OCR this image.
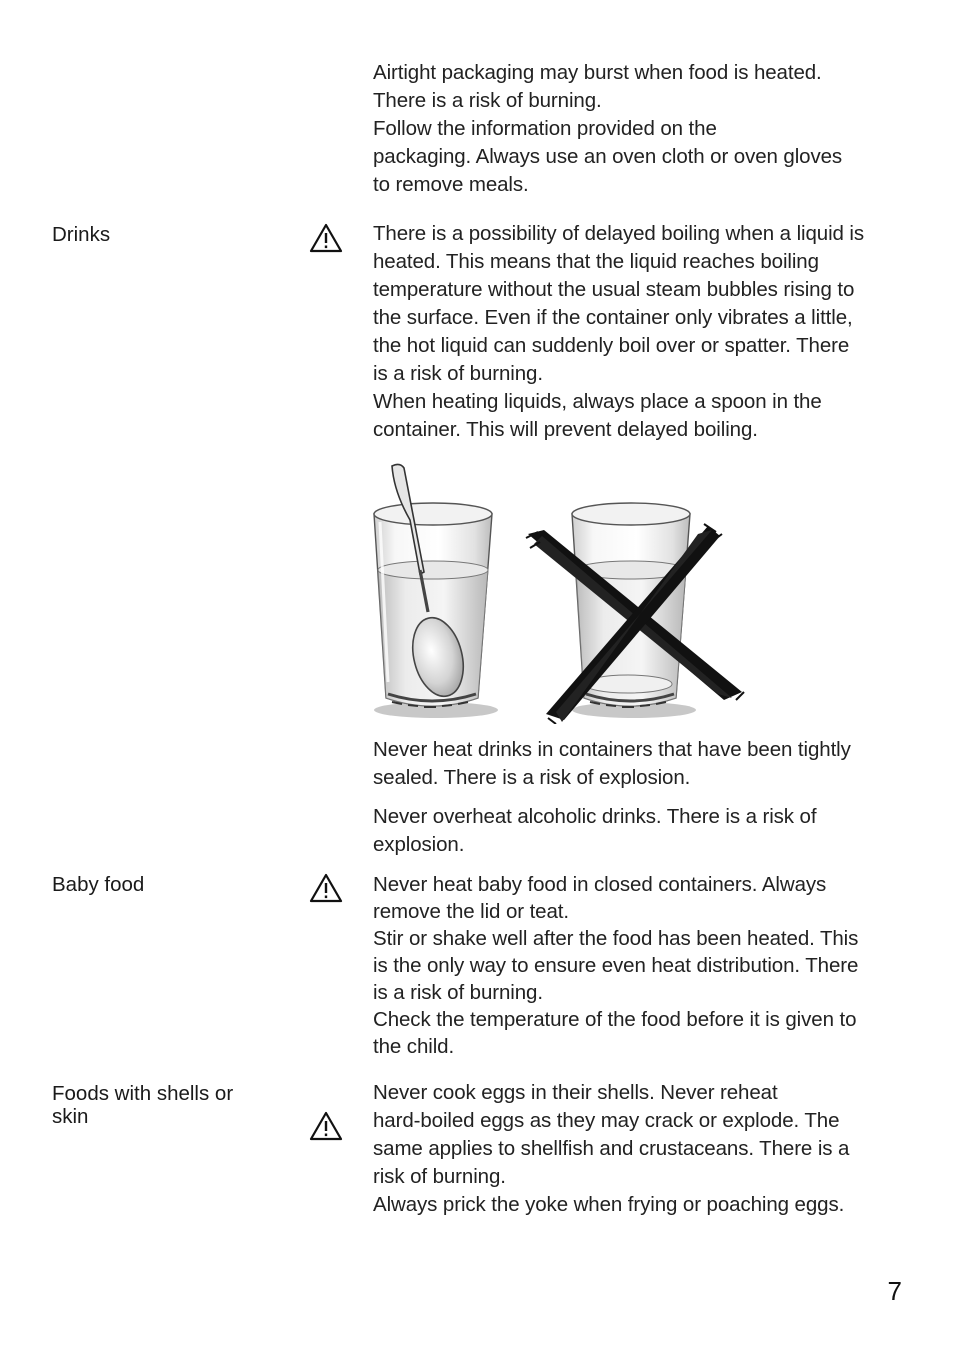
Airtight packaging may burst when food is heated.
There is a risk of burning.
Follow the information provided on the
packaging. Always use an oven cloth or oven gloves
to remove meals.
Drinks	There is a possibility of delayed boiling when a liquid is
heated. This means that the liquid reaches boiling
temperature without the usual steam bubbles rising to
the surface. Even if the container only vibrates a little,
the hot liquid can suddenly boil over or spatter. There
is a risk of burning.
When heating liquids, always place a spoon in the
container. This will prevent delayed boiling.
Never heat drinks in containers that have been tightly
sealed. There is a risk of explosion.
Never overheat alcoholic drinks. There is a risk of
explosion.
Baby food	Never heat baby food in closed containers. Always
remove the lid or teat.
Stir or shake well after the food has been heated. This
is the only way to ensure even heat distribution. There
is a risk of burning.
Check the temperature of the food before it is given to
the child.
Foods with shells or
skin
Never cook eggs in their shells. Never reheat
hard-boiled eggs as they may crack or explode. The
same applies to shellfish and crustaceans. There is a
risk of burning.
Always prick the yoke when frying or poaching eggs.
7
